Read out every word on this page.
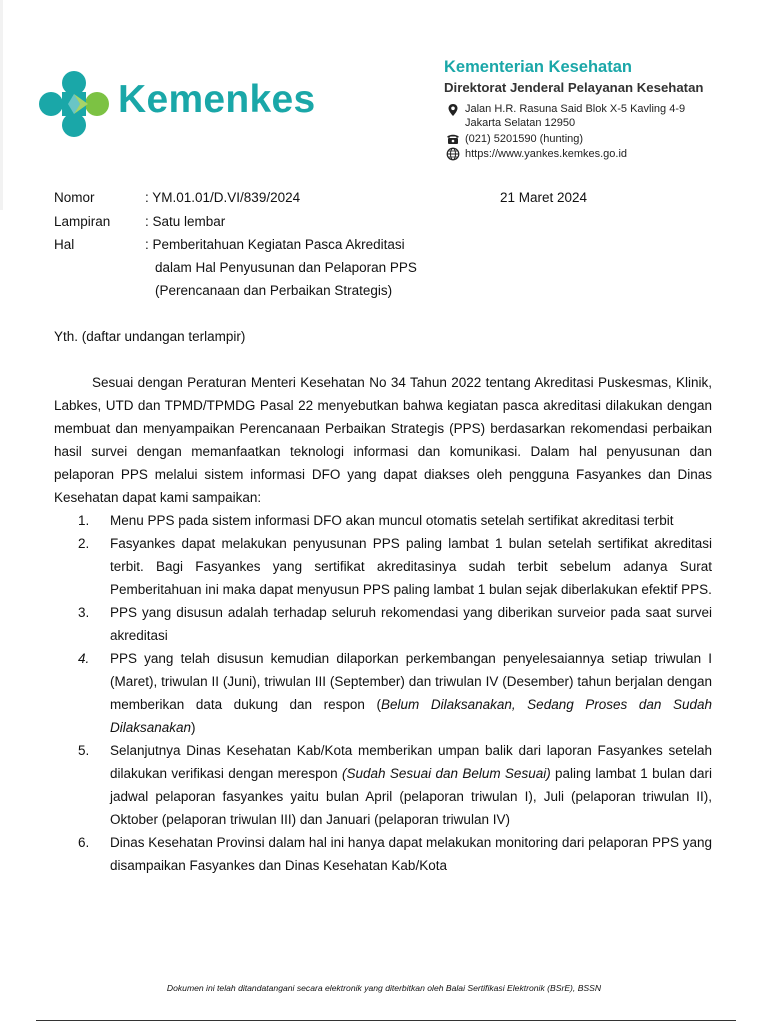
Kemenkes
Kementerian Kesehatan
Direktorat Jenderal Pelayanan Kesehatan
Jalan H.R. Rasuna Said Blok X-5 Kavling 4-9
Jakarta Selatan 12950
(021) 5201590 (hunting)
https://www.yankes.kemkes.go.id
Nomor	: YM.01.01/D.VI/839/2024	21 Maret 2024
Lampiran	: Satu lembar
Hal	: Pemberitahuan Kegiatan Pasca Akreditasi
dalam Hal Penyusunan dan Pelaporan PPS
(Perencanaan dan Perbaikan Strategis)
Yth. (daftar undangan terlampir)
Sesuai dengan Peraturan Menteri Kesehatan No 34 Tahun 2022 tentang Akreditasi Puskesmas, Klinik, Labkes, UTD dan TPMD/TPMDG Pasal 22 menyebutkan bahwa kegiatan pasca akreditasi dilakukan dengan membuat dan menyampaikan Perencanaan Perbaikan Strategis (PPS) berdasarkan rekomendasi perbaikan hasil survei dengan memanfaatkan teknologi informasi dan komunikasi. Dalam hal penyusunan dan pelaporan PPS melalui sistem informasi DFO yang dapat diakses oleh pengguna Fasyankes dan Dinas Kesehatan dapat kami sampaikan:
1. Menu PPS pada sistem informasi DFO akan muncul otomatis setelah sertifikat akreditasi terbit
2. Fasyankes dapat melakukan penyusunan PPS paling lambat 1 bulan setelah sertifikat akreditasi terbit. Bagi Fasyankes yang sertifikat akreditasinya sudah terbit sebelum adanya Surat Pemberitahuan ini maka dapat menyusun PPS paling lambat 1 bulan sejak diberlakukan efektif PPS.
3. PPS yang disusun adalah terhadap seluruh rekomendasi yang diberikan surveior pada saat survei akreditasi
4. PPS yang telah disusun kemudian dilaporkan perkembangan penyelesaiannya setiap triwulan I (Maret), triwulan II (Juni), triwulan III (September) dan triwulan IV (Desember) tahun berjalan dengan memberikan data dukung dan respon (Belum Dilaksanakan, Sedang Proses dan Sudah Dilaksanakan)
5. Selanjutnya Dinas Kesehatan Kab/Kota memberikan umpan balik dari laporan Fasyankes setelah dilakukan verifikasi dengan merespon (Sudah Sesuai dan Belum Sesuai) paling lambat 1 bulan dari jadwal pelaporan fasyankes yaitu bulan April (pelaporan triwulan I), Juli (pelaporan triwulan II), Oktober (pelaporan triwulan III) dan Januari (pelaporan triwulan IV)
6. Dinas Kesehatan Provinsi dalam hal ini hanya dapat melakukan monitoring dari pelaporan PPS yang disampaikan Fasyankes dan Dinas Kesehatan Kab/Kota
Dokumen ini telah ditandatangani secara elektronik yang diterbitkan oleh Balai Sertifikasi Elektronik (BSrE), BSSN
